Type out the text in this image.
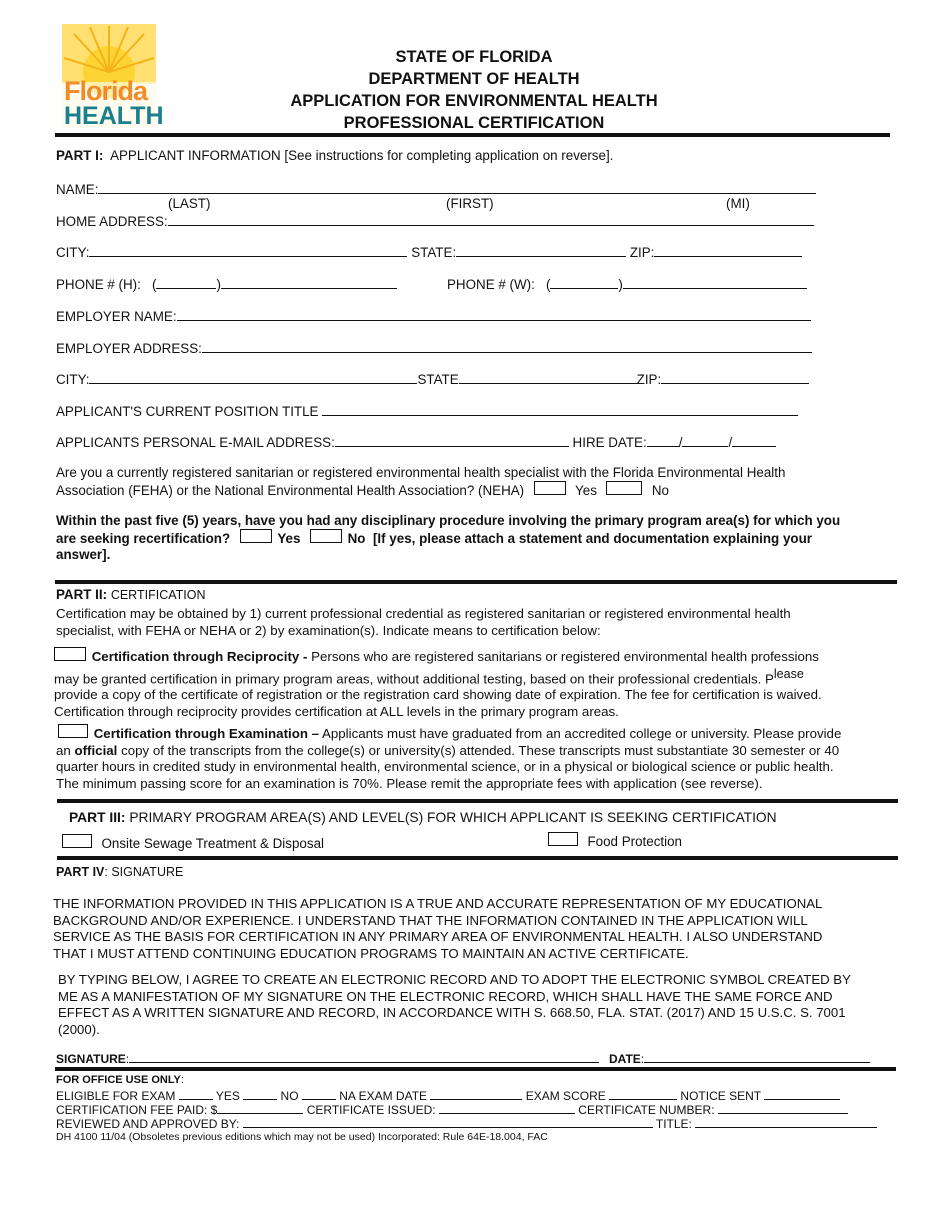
Florida
HEALTH
STATE OF FLORIDA
DEPARTMENT OF HEALTH
APPLICATION FOR ENVIRONMENTAL HEALTH
PROFESSIONAL CERTIFICATION
PART I: APPLICANT INFORMATION [See instructions for completing application on reverse].
NAME:
(LAST)	(FIRST)	(MI)
HOME ADDRESS:
CITY:	STATE:	ZIP:
PHONE # (H):   (	)	PHONE # (W):   (	)
EMPLOYER NAME:
EMPLOYER ADDRESS:
CITY:	STATE	ZIP:
APPLICANT'S CURRENT POSITION TITLE
APPLICANTS PERSONAL E-MAIL ADDRESS:	HIRE DATE: /	/
Are you a currently registered sanitarian or registered environmental health specialist with the Florida Environmental Health
Association (FEHA) or the National Environmental Health Association? (NEHA)	Yes	No
Within the past five (5) years, have you had any disciplinary procedure involving the primary program area(s) for which you
are seeking recertification?	Yes	No [If yes, please attach a statement and documentation explaining your
answer].
PART II: CERTIFICATION
Certification may be obtained by 1) current professional credential as registered sanitarian or registered environmental health
specialist, with FEHA or NEHA or 2) by examination(s). Indicate means to certification below:
Certification through Reciprocity - Persons who are registered sanitarians or registered environmental health professions
may be granted certification in primary program areas, without additional testing, based on their professional credentials. $P^{lease}$
provide a copy of the certificate of registration or the registration card showing date of expiration. The fee for certification is waived.
Certification through reciprocity provides certification at ALL levels in the primary program areas.
Certification through Examination – Applicants must have graduated from an accredited college or university. Please provide
an official copy of the transcripts from the college(s) or university(s) attended. These transcripts must substantiate 30 semester or 40
quarter hours in credited study in environmental health, environmental science, or in a physical or biological science or public health.
The minimum passing score for an examination is 70%. Please remit the appropriate fees with application (see reverse).
PART III: PRIMARY PROGRAM AREA(S) AND LEVEL(S) FOR WHICH APPLICANT IS SEEKING CERTIFICATION
Onsite Sewage Treatment & Disposal	Food Protection
PART IV: SIGNATURE
THE INFORMATION PROVIDED IN THIS APPLICATION IS A TRUE AND ACCURATE REPRESENTATION OF MY EDUCATIONAL
BACKGROUND AND/OR EXPERIENCE. I UNDERSTAND THAT THE INFORMATION CONTAINED IN THE APPLICATION WILL
SERVICE AS THE BASIS FOR CERTIFICATION IN ANY PRIMARY AREA OF ENVIRONMENTAL HEALTH. I ALSO UNDERSTAND
THAT I MUST ATTEND CONTINUING EDUCATION PROGRAMS TO MAINTAIN AN ACTIVE CERTIFICATE.
BY TYPING BELOW, I AGREE TO CREATE AN ELECTRONIC RECORD AND TO ADOPT THE ELECTRONIC SYMBOL CREATED BY
ME AS A MANIFESTATION OF MY SIGNATURE ON THE ELECTRONIC RECORD, WHICH SHALL HAVE THE SAME FORCE AND
EFFECT AS A WRITTEN SIGNATURE AND RECORD, IN ACCORDANCE WITH S. 668.50, FLA. STAT. (2017) AND 15 U.S.C. S. 7001
(2000).
SIGNATURE:	DATE:
FOR OFFICE USE ONLY:
ELIGIBLE FOR EXAM	YES	NO	NA EXAM DATE	EXAM SCORE	NOTICE SENT
CERTIFICATION FEE PAID: $	CERTIFICATE ISSUED:	CERTIFICATE NUMBER:
REVIEWED AND APPROVED BY:	TITLE:
DH 4100 11/04 (Obsoletes previous editions which may not be used) Incorporated: Rule 64E-18.004, FAC
